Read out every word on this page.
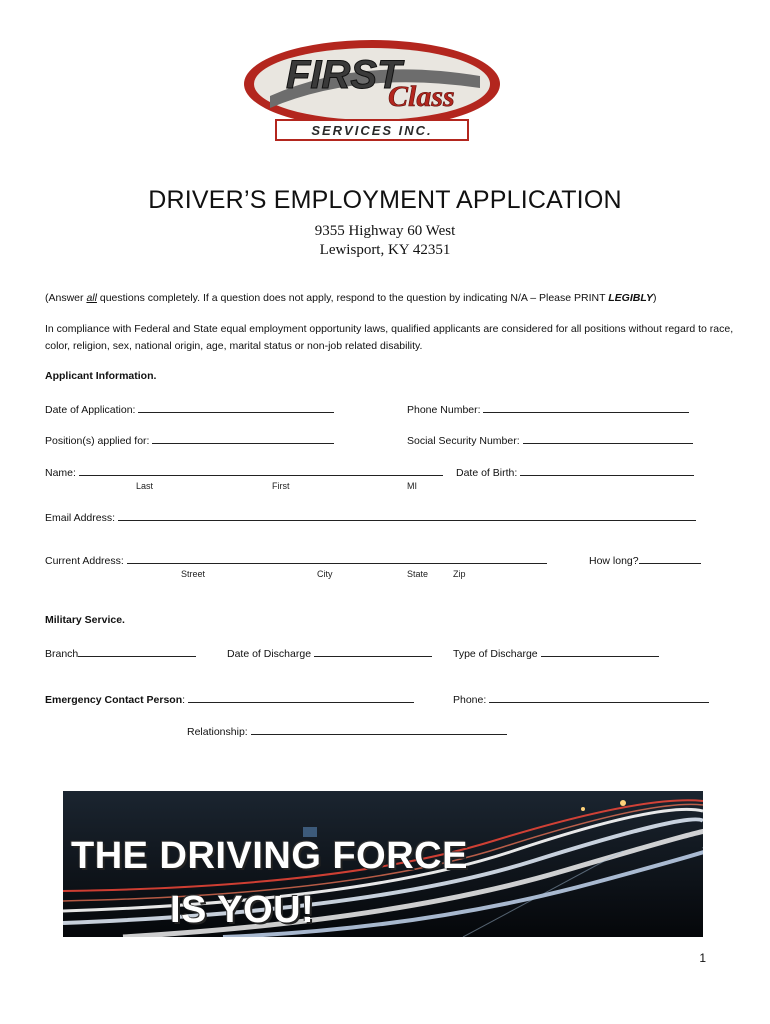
FIRST
Class
SERVICES INC.
DRIVER’S EMPLOYMENT APPLICATION
9355 Highway 60 West
Lewisport, KY 42351
(Answer all questions completely. If a question does not apply, respond to the question by indicating N/A – Please PRINT LEGIBLY)
In compliance with Federal and State equal employment opportunity laws, qualified applicants are considered for all positions without regard to race, color, religion, sex, national origin, age, marital status or non-job related disability.
Applicant Information.
Date of Application:	Phone Number:
Position(s) applied for:	Social Security Number:
Name:	Date of Birth:
Last	First	MI
Email Address:
Current Address:	How long?
Street	City	State	Zip
Military Service.
Branch	Date of Discharge	Type of Discharge
Emergency Contact Person:	Phone:
Relationship:
THE DRIVING FORCE
IS YOU!
1
